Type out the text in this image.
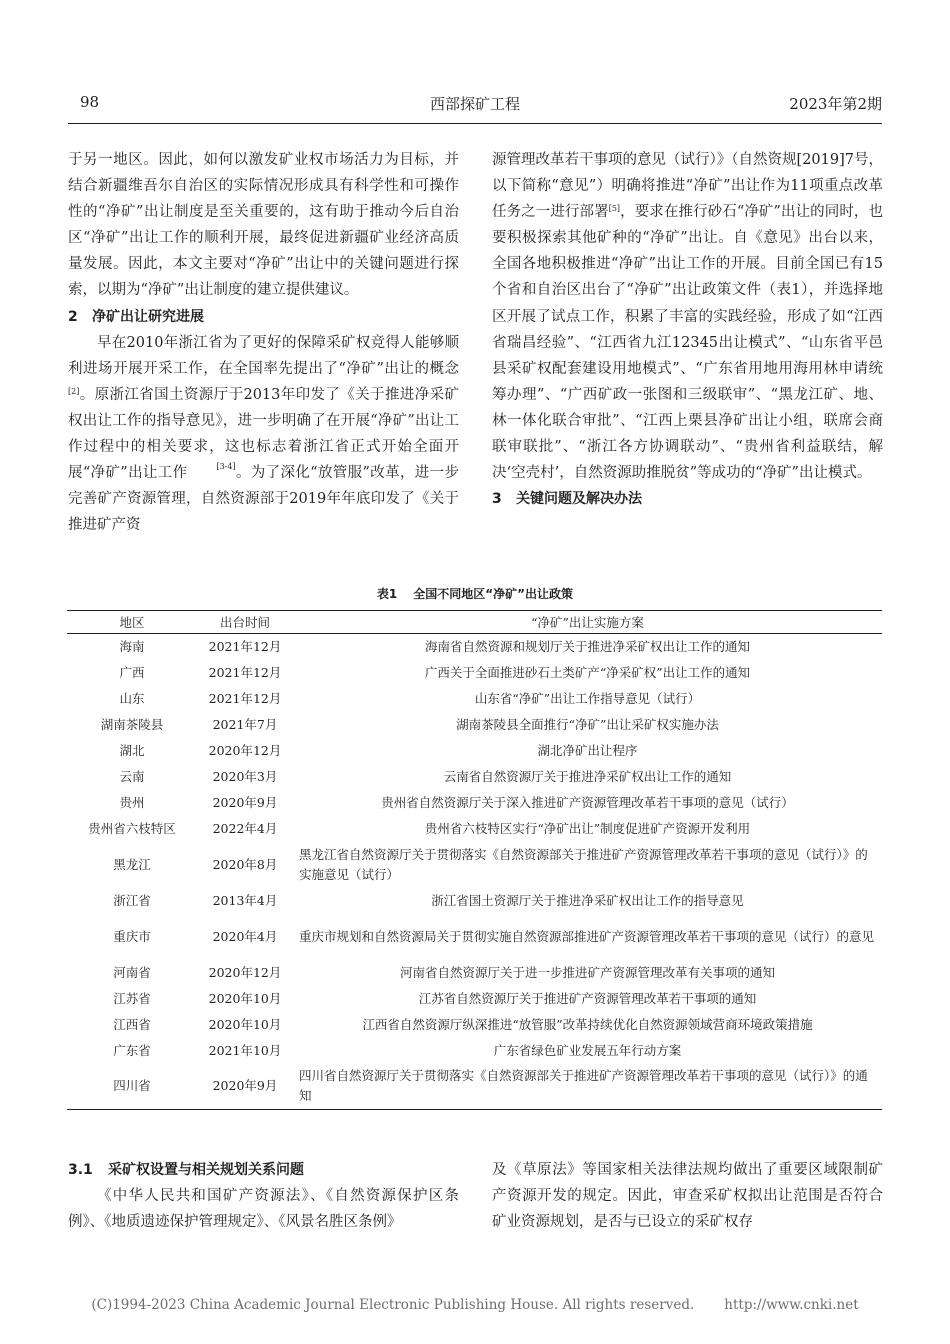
98	西部探矿工程	2023年第2期

于另一地区。因此，如何以激发矿业权市场活力为目标，并结合新疆维吾尔自治区的实际情况形成具有科学性和可操作性的“净矿”出让制度是至关重要的，这有助于推动今后自治区“净矿”出让工作的顺利开展，最终促进新疆矿业经济高质量发展。因此，本文主要对“净矿”出让中的关键问题进行探索，以期为“净矿”出让制度的建立提供建议。

2 净矿出让研究进展

早在2010年浙江省为了更好的保障采矿权竞得人能够顺利进场开展开采工作，在全国率先提出了“净矿”出让的概念[2]。原浙江省国土资源厅于2013年印发了《关于推进净采矿权出让工作的指导意见》，进一步明确了在开展“净矿”出让工作过程中的相关要求，这也标志着浙江省正式开始全面开展“净矿”出让工作	[3-4]。为了深化“放管服”改革，进一步完善矿产资源管理，自然资源部于2019年年底印发了《关于推进矿产资

源管理改革若干事项的意见（试行）》（自然资规[2019]7号，以下简称“意见”）明确将推进“净矿”出让作为11项重点改革任务之一进行部署[5]，要求在推行砂石“净矿”出让的同时，也要积极探索其他矿种的“净矿”出让。自《意见》出台以来，全国各地积极推进“净矿”出让工作的开展。目前全国已有15个省和自治区出台了“净矿”出让政策文件（表1），并选择地区开展了试点工作，积累了丰富的实践经验，形成了如“江西省瑞昌经验”、“江西省九江12345出让模式”、“山东省平邑县采矿权配套建设用地模式”、“广东省用地用海用林申请统筹办理”、“广西矿政一张图和三级联审”、“黑龙江矿、地、林一体化联合审批”、“江西上栗县净矿出让小组，联席会商联审联批”、“浙江各方协调联动”、“贵州省利益联结，解决‘空壳村’，自然资源助推脱贫”等成功的“净矿”出让模式。

3 关键问题及解决办法

表1 全国不同地区“净矿”出让政策
地区	出台时间	“净矿”出让实施方案
海南	2021年12月	海南省自然资源和规划厅关于推进净采矿权出让工作的通知
广西	2021年12月	广西关于全面推进砂石土类矿产“净采矿权”出让工作的通知
山东	2021年12月	山东省“净矿”出让工作指导意见（试行）
湖南茶陵县	2021年7月	湖南茶陵县全面推行“净矿”出让采矿权实施办法
湖北	2020年12月	湖北净矿出让程序
云南	2020年3月	云南省自然资源厅关于推进净采矿权出让工作的通知
贵州	2020年9月	贵州省自然资源厅关于深入推进矿产资源管理改革若干事项的意见（试行）
贵州省六枝特区	2022年4月	贵州省六枝特区实行“净矿出让”制度促进矿产资源开发利用
黑龙江	2020年8月	黑龙江省自然资源厅关于贯彻落实《自然资源部关于推进矿产资源管理改革若干事项的意见（试行）》的实施意见（试行）
浙江省	2013年4月	浙江省国土资源厅关于推进净采矿权出让工作的指导意见
重庆市	2020年4月	重庆市规划和自然资源局关于贯彻实施自然资源部推进矿产资源管理改革若干事项的意见（试行）的意见
河南省	2020年12月	河南省自然资源厅关于进一步推进矿产资源管理改革有关事项的通知
江苏省	2020年10月	江苏省自然资源厅关于推进矿产资源管理改革若干事项的通知
江西省	2020年10月	江西省自然资源厅纵深推进“放管服”改革持续优化自然资源领域营商环境政策措施
广东省	2021年10月	广东省绿色矿业发展五年行动方案
四川省	2020年9月	四川省自然资源厅关于贯彻落实《自然资源部关于推进矿产资源管理改革若干事项的意见（试行）》的通知

3.1 采矿权设置与相关规划关系问题

《中华人民共和国矿产资源法》、《自然资源保护区条例》、《地质遗迹保护管理规定》、《风景名胜区条例》

及《草原法》等国家相关法律法规均做出了重要区域限制矿产资源开发的规定。因此，审查采矿权拟出让范围是否符合矿业资源规划，是否与已设立的采矿权存

(C)1994-2023 China Academic Journal Electronic Publishing House. All rights reserved. http://www.cnki.net
